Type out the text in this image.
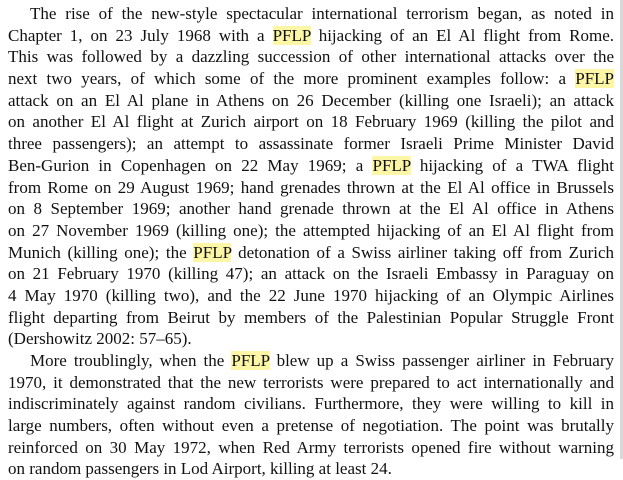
The rise of the new-style spectacular international terrorism began, as noted in
Chapter 1, on 23 July 1968 with a PFLP hijacking of an El Al flight from Rome.
This was followed by a dazzling succession of other international attacks over the
next two years, of which some of the more prominent examples follow: a PFLP
attack on an El Al plane in Athens on 26 December (killing one Israeli); an attack
on another El Al flight at Zurich airport on 18 February 1969 (killing the pilot and
three passengers); an attempt to assassinate former Israeli Prime Minister David
Ben-Gurion in Copenhagen on 22 May 1969; a PFLP hijacking of a TWA flight
from Rome on 29 August 1969; hand grenades thrown at the El Al office in Brussels
on 8 September 1969; another hand grenade thrown at the El Al office in Athens
on 27 November 1969 (killing one); the attempted hijacking of an El Al flight from
Munich (killing one); the PFLP detonation of a Swiss airliner taking off from Zurich
on 21 February 1970 (killing 47); an attack on the Israeli Embassy in Paraguay on
4 May 1970 (killing two), and the 22 June 1970 hijacking of an Olympic Airlines
flight departing from Beirut by members of the Palestinian Popular Struggle Front
(Dershowitz 2002: 57–65).
More troublingly, when the PFLP blew up a Swiss passenger airliner in February
1970, it demonstrated that the new terrorists were prepared to act internationally and
indiscriminately against random civilians. Furthermore, they were willing to kill in
large numbers, often without even a pretense of negotiation. The point was brutally
reinforced on 30 May 1972, when Red Army terrorists opened fire without warning
on random passengers in Lod Airport, killing at least 24.
